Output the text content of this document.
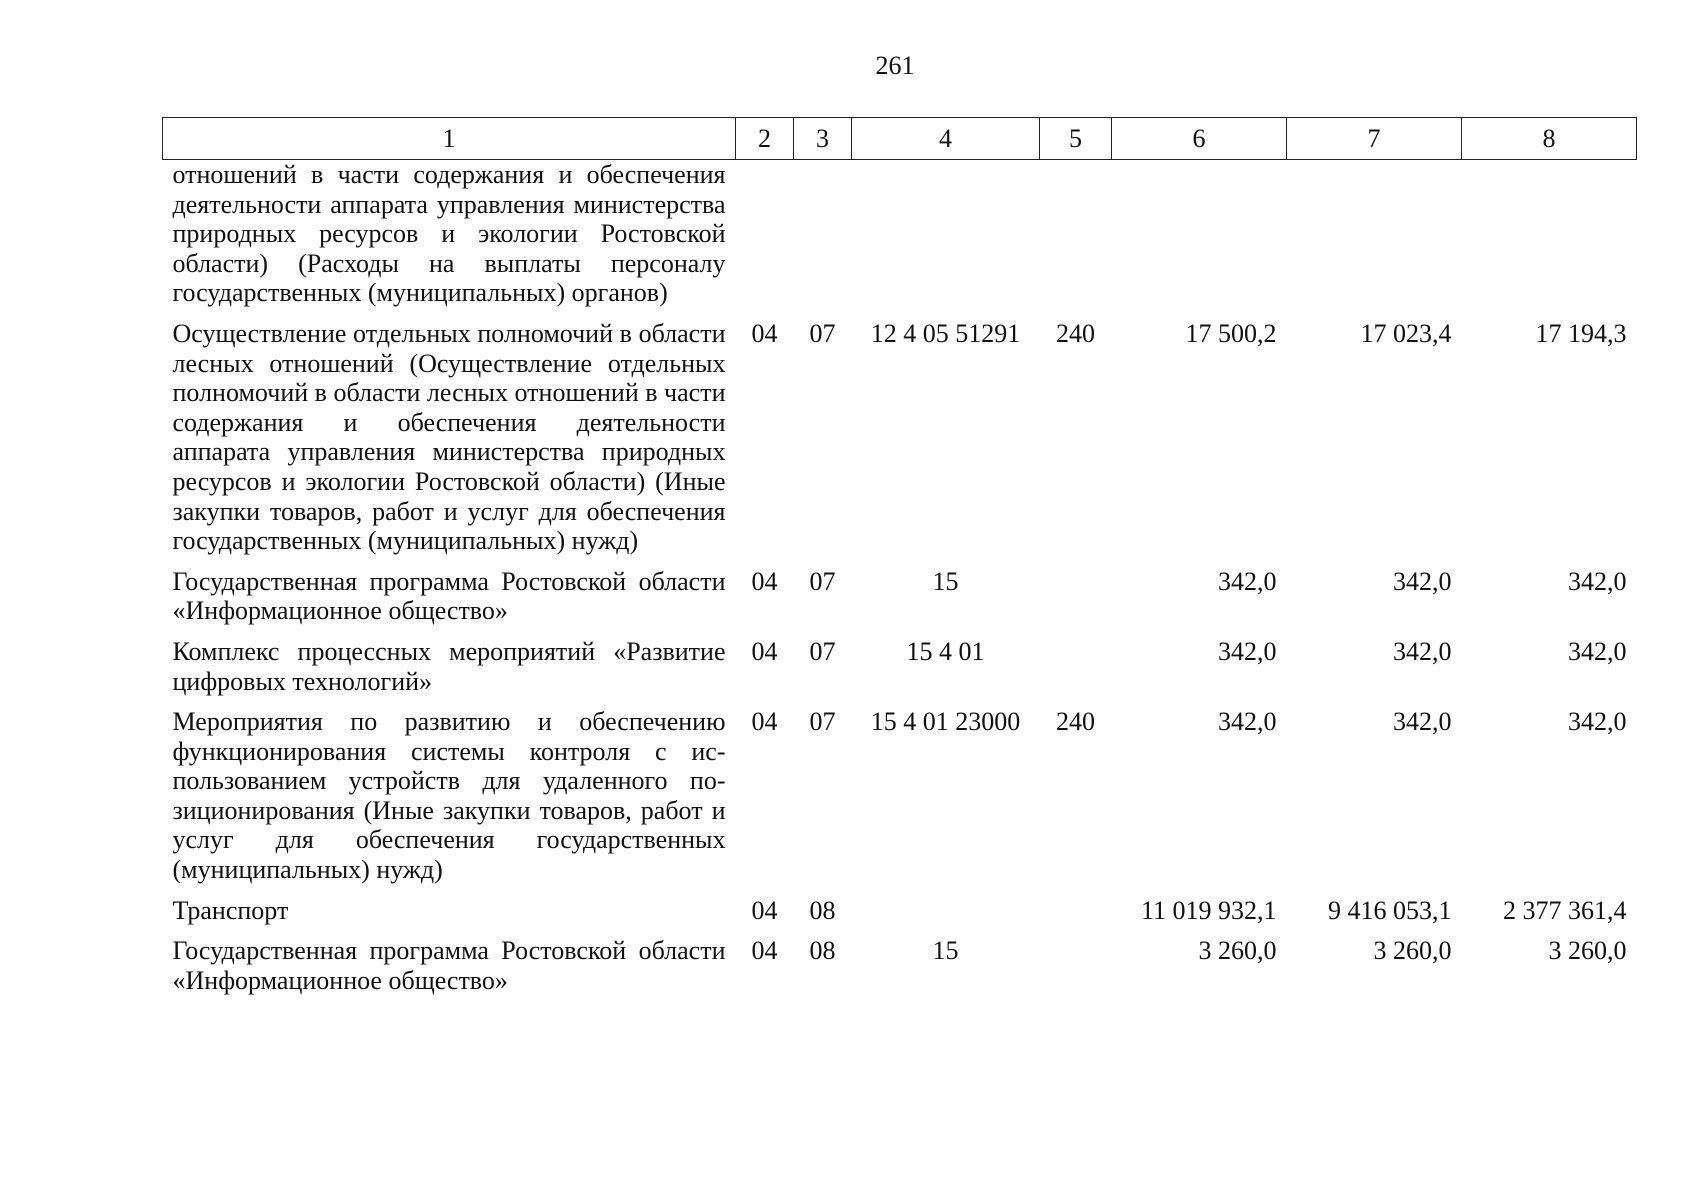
261
1	2	3	4	5	6	7	8
отношений в части содержания и обеспечения деятельности аппарата управления министерства природных ресурсов и экологии Ростовской области) (Расходы на выплаты персоналу государственных (муниципальных) органов)							
Осуществление отдельных полномочий в области лесных отношений (Осуществление отдельных полномочий в области лесных отношений в части содержания и обеспечения деятельности аппарата управления министерства природных ресурсов и экологии Ростовской области) (Иные закупки товаров, работ и услуг для обеспечения государственных (муниципальных) нужд)	04	07	12 4 05 51291	240	17 500,2	17 023,4	17 194,3
Государственная программа Ростовской области «Информационное общество»	04	07	15		342,0	342,0	342,0
Комплекс процессных мероприятий «Развитие цифровых технологий»	04	07	15 4 01		342,0	342,0	342,0
Мероприятия по развитию и обеспечению функционирования системы контроля с использованием устройств для удаленного позиционирования (Иные закупки товаров, работ и услуг для обеспечения государственных (муниципальных) нужд)	04	07	15 4 01 23000	240	342,0	342,0	342,0
Транспорт	04	08			11 019 932,1	9 416 053,1	2 377 361,4
Государственная программа Ростовской области «Информационное общество»	04	08	15		3 260,0	3 260,0	3 260,0
